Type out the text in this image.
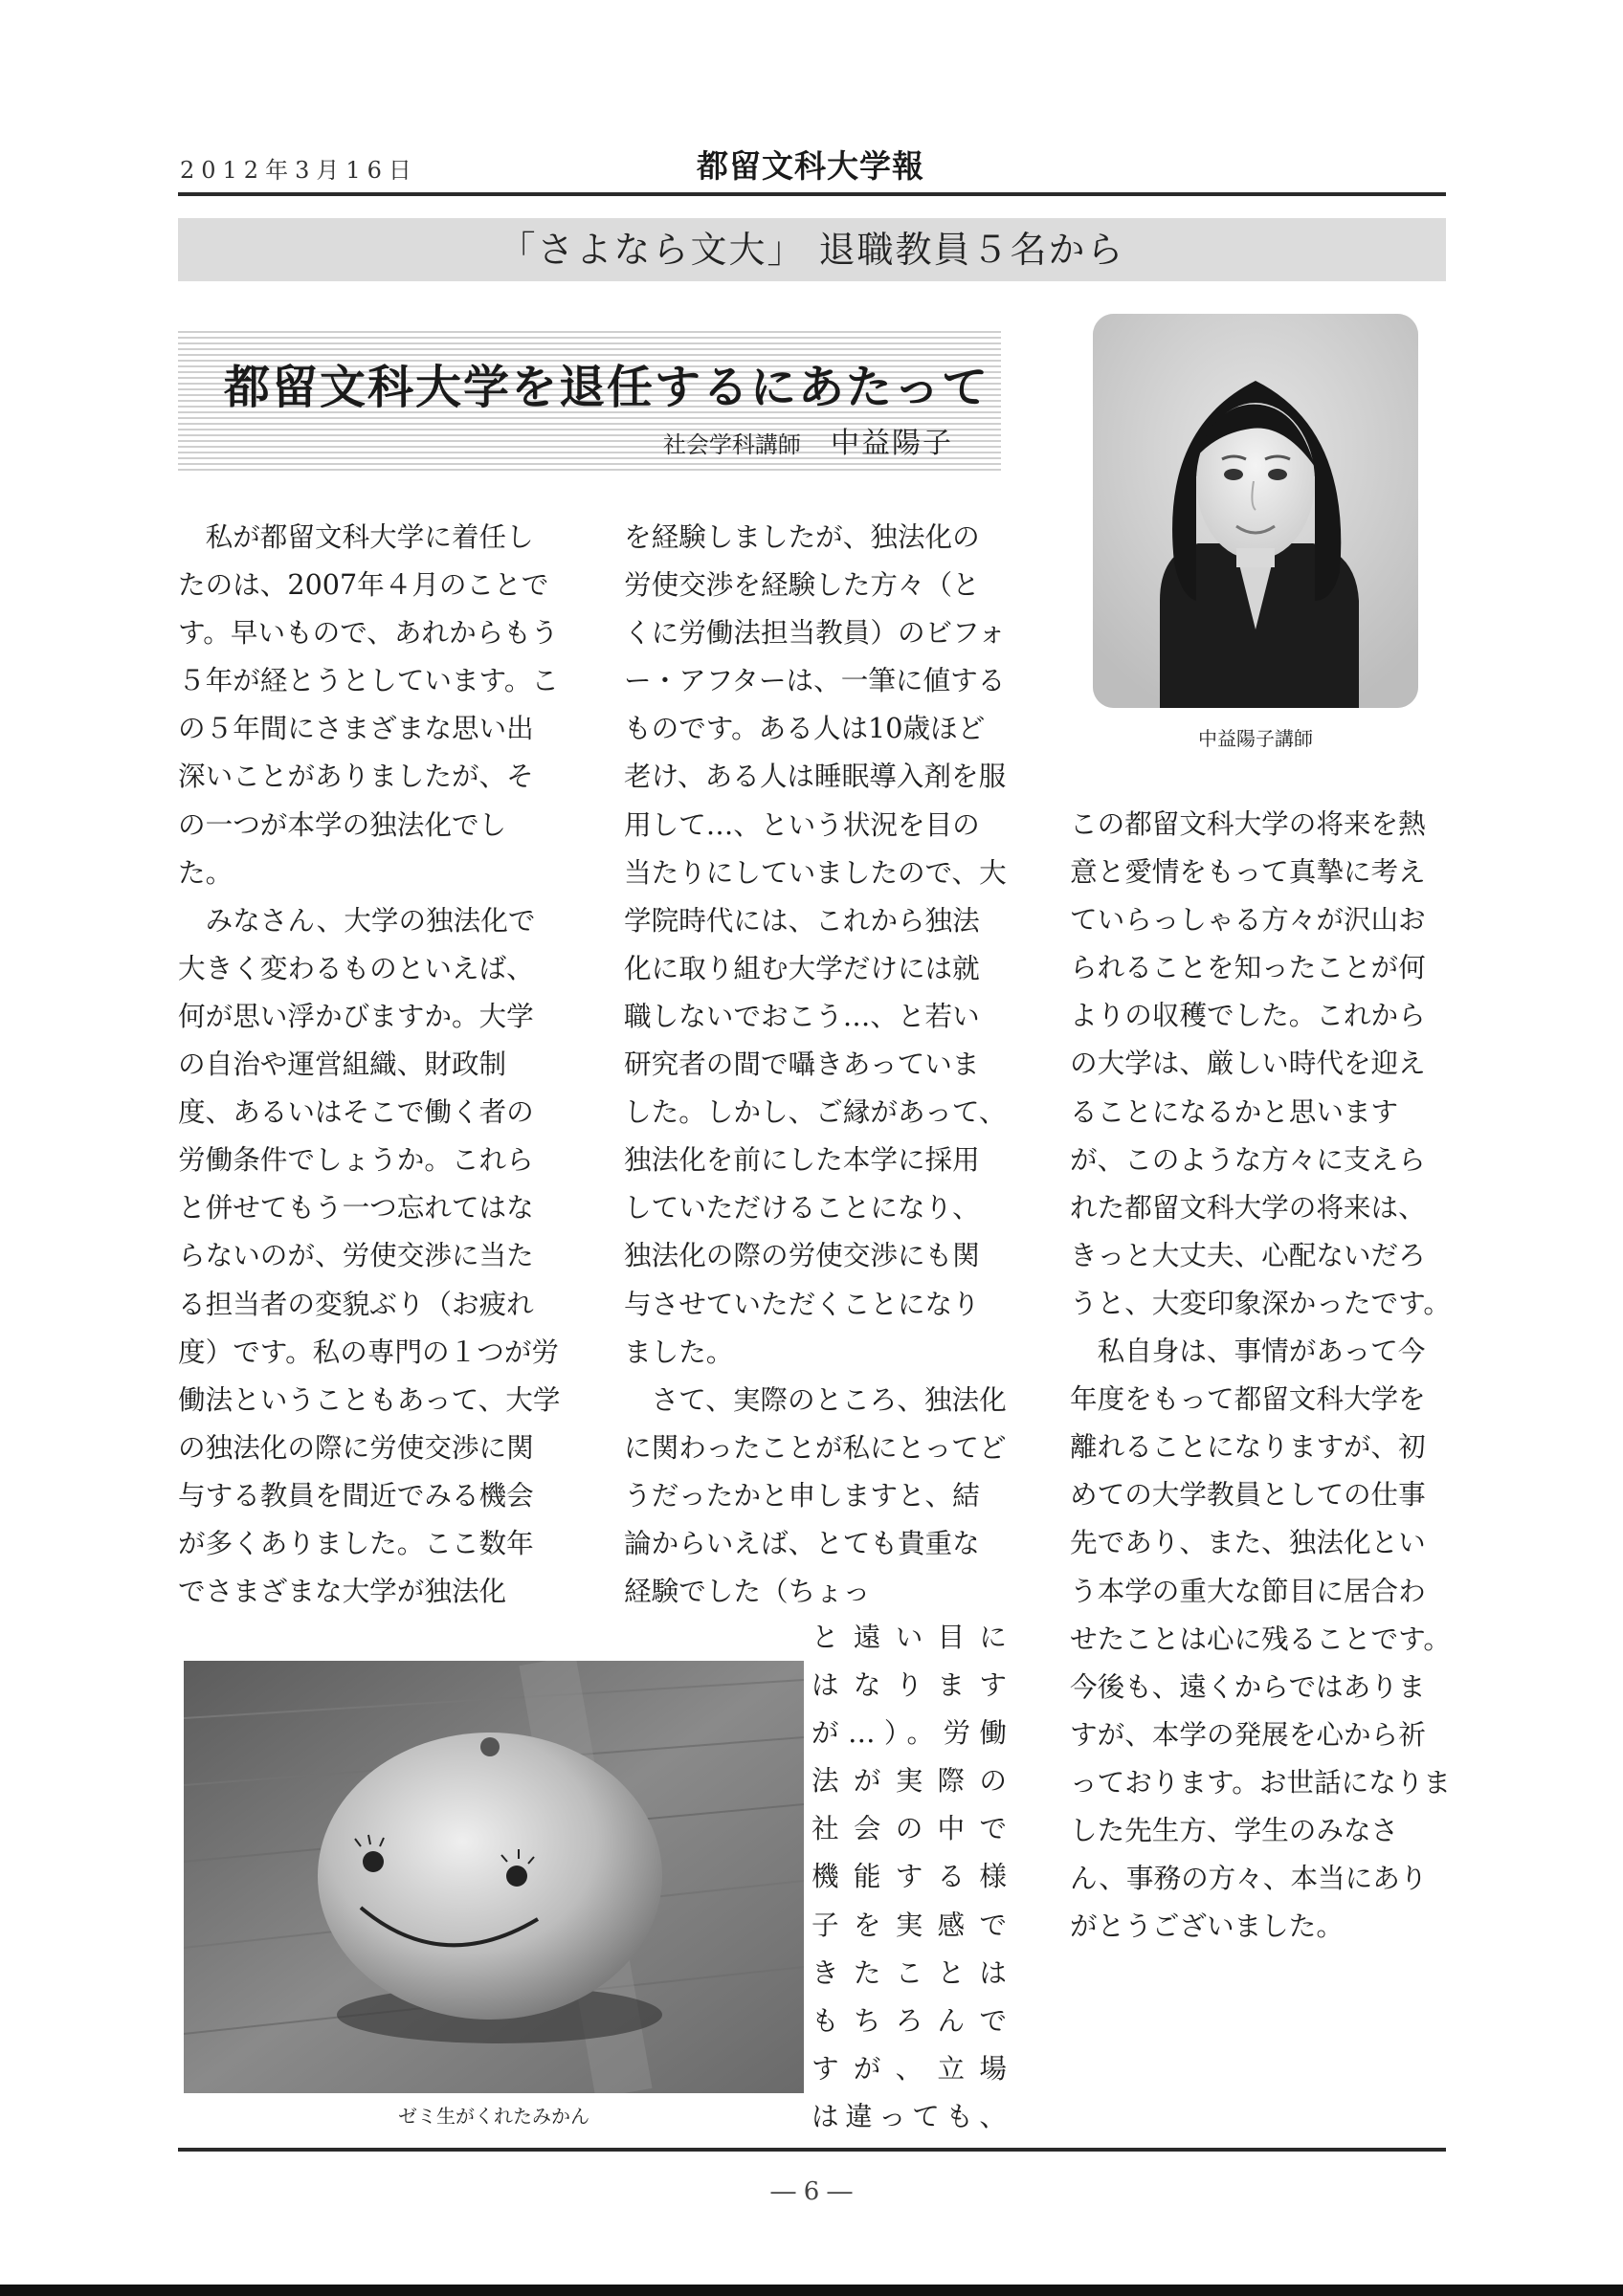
2012年3月16日	都留文科大学報
「さよなら文大」 退職教員５名から
都留文科大学を退任するにあたって
社会学科講師 中益陽子

私が都留文科大学に着任したのは、2007年４月のことです。早いもので、あれからもう５年が経とうとしています。この５年間にさまざまな思い出深いことがありましたが、その一つが本学の独法化でした。

みなさん、大学の独法化で大きく変わるものといえば、何が思い浮かびますか。大学の自治や運営組織、財政制度、あるいはそこで働く者の労働条件でしょうか。これらと併せてもう一つ忘れてはならないのが、労使交渉に当たる担当者の変貌ぶり（お疲れ度）です。私の専門の１つが労働法ということもあって、大学の独法化の際に労使交渉に関与する教員を間近でみる機会が多くありました。ここ数年でさまざまな大学が独法化

を経験しましたが、独法化の労使交渉を経験した方々（とくに労働法担当教員）のビフォー・アフターは、一筆に値するものです。ある人は10歳ほど老け、ある人は睡眠導入剤を服用して…、という状況を目の当たりにしていましたので、大学院時代には、これから独法化に取り組む大学だけには就職しないでおこう…、と若い研究者の間で囁きあっていました。しかし、ご縁があって、独法化を前にした本学に採用していただけることになり、独法化の際の労使交渉にも関与させていただくことになりました。

さて、実際のところ、独法化に関わったことが私にとってどうだったかと申しますと、結論からいえば、とても貴重な経験でした（ちょっ

と遠い目に
はなります
が…）。労働
法が実際の
社会の中で
機能する様
子を実感で
きたことは
もちろんで
すが、立場
は違っても、

この都留文科大学の将来を熱意と愛情をもって真摯に考えていらっしゃる方々が沢山おられることを知ったことが何よりの収穫でした。これからの大学は、厳しい時代を迎えることになるかと思いますが、このような方々に支えられた都留文科大学の将来は、きっと大丈夫、心配ないだろうと、大変印象深かったです。

私自身は、事情があって今年度をもって都留文科大学を離れることになりますが、初めての大学教員としての仕事先であり、また、独法化という本学の重大な節目に居合わせたことは心に残ることです。今後も、遠くからではありますが、本学の発展を心から祈っております。お世話になりました先生方、学生のみなさん、事務の方々、本当にありがとうございました。

中益陽子講師
ゼミ生がくれたみかん
― 6 ―
